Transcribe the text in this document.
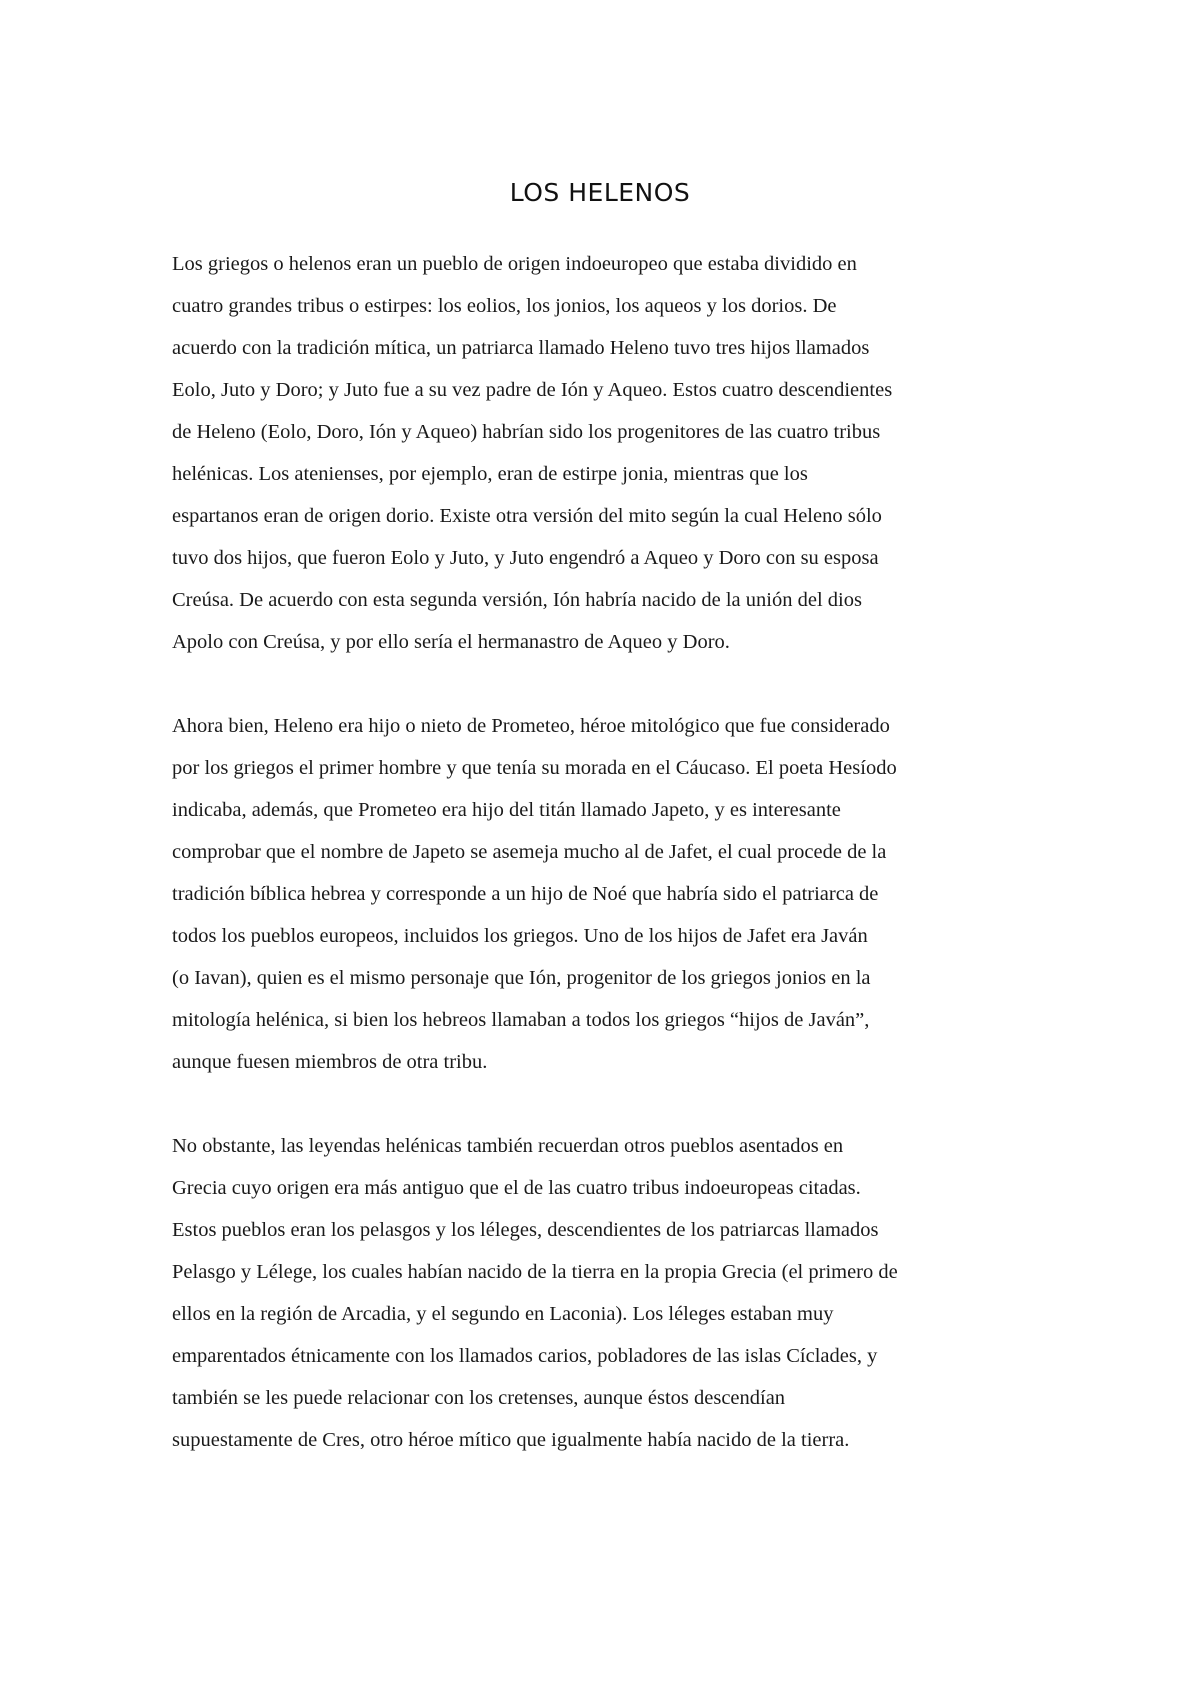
LOS HELENOS
Los griegos o helenos eran un pueblo de origen indoeuropeo que estaba dividido en
cuatro grandes tribus o estirpes: los eolios, los jonios, los aqueos y los dorios. De
acuerdo con la tradición mítica, un patriarca llamado Heleno tuvo tres hijos llamados
Eolo, Juto y Doro; y Juto fue a su vez padre de Ión y Aqueo. Estos cuatro descendientes
de Heleno (Eolo, Doro, Ión y Aqueo) habrían sido los progenitores de las cuatro tribus
helénicas. Los atenienses, por ejemplo, eran de estirpe jonia, mientras que los
espartanos eran de origen dorio. Existe otra versión del mito según la cual Heleno sólo
tuvo dos hijos, que fueron Eolo y Juto, y Juto engendró a Aqueo y Doro con su esposa
Creúsa. De acuerdo con esta segunda versión, Ión habría nacido de la unión del dios
Apolo con Creúsa, y por ello sería el hermanastro de Aqueo y Doro.
Ahora bien, Heleno era hijo o nieto de Prometeo, héroe mitológico que fue considerado
por los griegos el primer hombre y que tenía su morada en el Cáucaso. El poeta Hesíodo
indicaba, además, que Prometeo era hijo del titán llamado Japeto, y es interesante
comprobar que el nombre de Japeto se asemeja mucho al de Jafet, el cual procede de la
tradición bíblica hebrea y corresponde a un hijo de Noé que habría sido el patriarca de
todos los pueblos europeos, incluidos los griegos. Uno de los hijos de Jafet era Javán
(o Iavan), quien es el mismo personaje que Ión, progenitor de los griegos jonios en la
mitología helénica, si bien los hebreos llamaban a todos los griegos “hijos de Javán”,
aunque fuesen miembros de otra tribu.
No obstante, las leyendas helénicas también recuerdan otros pueblos asentados en
Grecia cuyo origen era más antiguo que el de las cuatro tribus indoeuropeas citadas.
Estos pueblos eran los pelasgos y los léleges, descendientes de los patriarcas llamados
Pelasgo y Lélege, los cuales habían nacido de la tierra en la propia Grecia (el primero de
ellos en la región de Arcadia, y el segundo en Laconia). Los léleges estaban muy
emparentados étnicamente con los llamados carios, pobladores de las islas Cíclades, y
también se les puede relacionar con los cretenses, aunque éstos descendían
supuestamente de Cres, otro héroe mítico que igualmente había nacido de la tierra.
